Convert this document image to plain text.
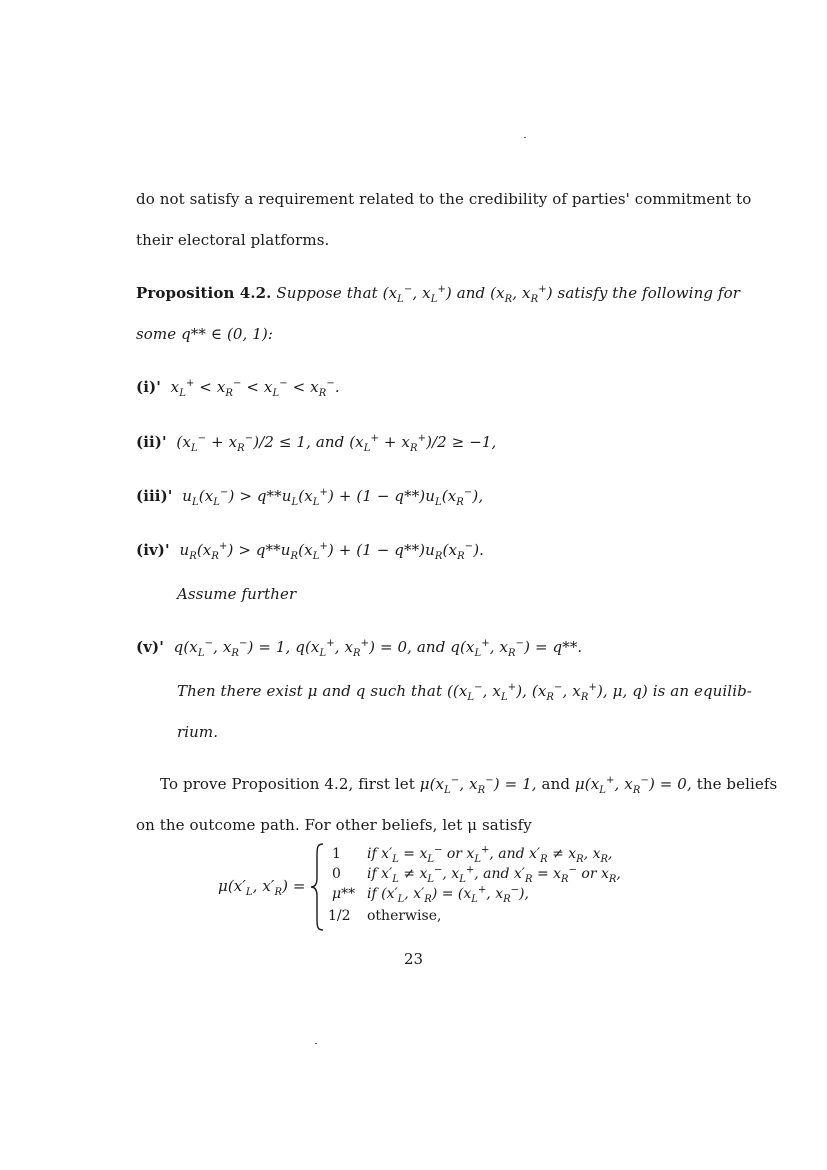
do not satisfy a requirement related to the credibility of parties' commitment to
their electoral platforms.
Proposition 4.2. Suppose that ($x_L^-$, $x_L^+$) and ($x_R$, $x_R^+$) satisfy the following for
some q** ∈ (0, 1):
(i)'  $x_L^+ < x_R^- < x_L^- < x_R^-$.
(ii)'  $(x_L^- + x_R^-)/2 \le 1$, and $(x_L^+ + x_R^+)/2 \ge -1$,
(iii)'  $u_L(x_L^-) > q**u_L(x_L^+) + (1 - q**)u_L(x_R^-)$,
(iv)'  $u_R(x_R^+) > q**u_R(x_L^+) + (1 - q**)u_R(x_R^-)$.
Assume further
(v)'  $q(x_L^-$, $x_R^-) = 1$, $q(x_L^+$, $x_R^+) = 0$, and $q(x_L^+$, $x_R^-) = q**$.
Then there exist μ and q such that (($x_L^-$, $x_L^+$), ($x_R^-$, $x_R^+$), μ, q) is an equilib-
rium.
To prove Proposition 4.2, first let $\mu(x_L^-$, $x_R^-) = 1$, and $\mu(x_L^+$, $x_R^-) = 0$, the beliefs
on the outcome path. For other beliefs, let μ satisfy
$\mu(x'_L$, $x'_R$) =
1 if $x'_L = x_L^-$ or $x_L^+$, and $x'_R \ne x_R$, $x_R$,
0 if $x'_L \ne x_L^-$, $x_L^+$, and $x'_R = x_R^-$ or $x_R$,
μ** if ($x'_L$, $x'_R) = (x_L^+$, $x_R^-$),
1/2 otherwise,
23
